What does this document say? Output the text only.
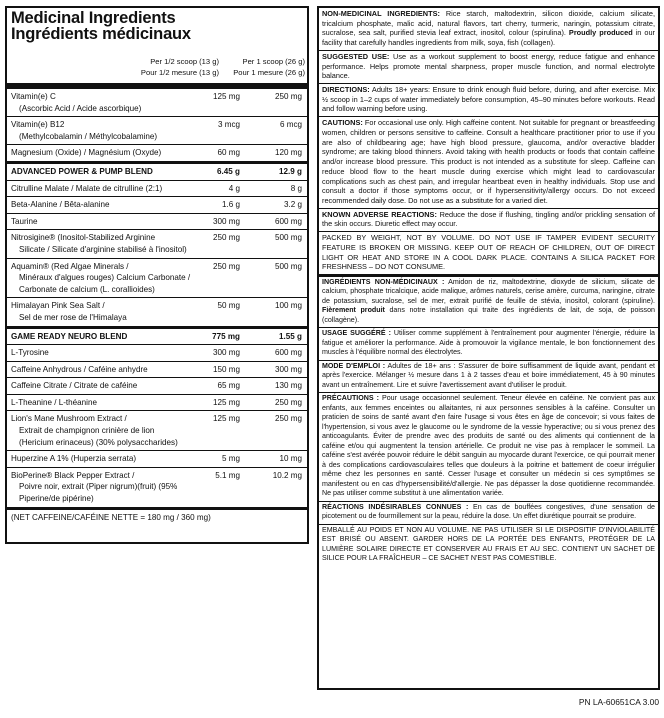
Medicinal Ingredients
Ingrédients médicinaux
Per 1/2 scoop (13 g)
Pour 1/2 mesure (13 g)
Per 1 scoop (26 g)
Pour 1 mesure (26 g)
Vitamin(e) C
(Ascorbic Acid / Acide ascorbique)
125 mg	250 mg
Vitamin(e) B12
(Methylcobalamin / Méthylcobalamine)
3 mcg	6 mcg
Magnesium (Oxide) / Magnésium (Oxyde)	60 mg	120 mg
ADVANCED POWER & PUMP BLEND	6.45 g	12.9 g
Citrulline Malate / Malate de citrulline (2:1)	4 g	8 g
Beta-Alanine / Bêta-alanine	1.6 g	3.2 g
Taurine	300 mg	600 mg
Nitrosigine® (Inositol-Stabilized Arginine
Silicate / Silicate d'arginine stabilisé à l'inositol)
250 mg	500 mg
Aquamin® (Red Algae Minerals /
Minéraux d'algues rouges) Calcium Carbonate /
Carbonate de calcium (L. corallioides)
250 mg	500 mg
Himalayan Pink Sea Salt /
Sel de mer rose de l'Himalaya
50 mg	100 mg
GAME READY NEURO BLEND	775 mg	1.55 g
L-Tyrosine	300 mg	600 mg
Caffeine Anhydrous / Caféine anhydre	150 mg	300 mg
Caffeine Citrate / Citrate de caféine	65 mg	130 mg
L-Theanine / L-théanine	125 mg	250 mg
Lion's Mane Mushroom Extract /
Extrait de champignon crinière de lion
(Hericium erinaceus) (30% polysaccharides)
125 mg	250 mg
Huperzine A 1% (Huperzia serrata)	5 mg	10 mg
BioPerine® Black Pepper Extract /
Poivre noir, extrait (Piper nigrum)(fruit) (95% Piperine/de pipérine)
5.1 mg	10.2 mg
(NET CAFFEINE/CAFÉINE NETTE = 180 mg / 360 mg)
NON-MEDICINAL INGREDIENTS: Rice starch, maltodextrin, silicon dioxide, calcium silicate, tricalcium phosphate, malic acid, natural flavors, tart cherry, turmeric, naringin, potassium citrate, sucralose, sea salt, purified stevia leaf extract, inositol, colour (spirulina). Proudly produced in our facility that carefully handles ingredients from milk, soya, fish (collagen).
SUGGESTED USE: Use as a workout supplement to boost energy, reduce fatigue and enhance performance. Helps promote mental sharpness, proper muscle function, and normal electrolyte balance.
DIRECTIONS: Adults 18+ years: Ensure to drink enough fluid before, during, and after exercise. Mix ½ scoop in 1–2 cups of water immediately before consumption, 45–90 minutes before workouts. Read and follow warning before using.
CAUTIONS: For occasional use only. High caffeine content. Not suitable for pregnant or breastfeeding women, children or persons sensitive to caffeine. Consult a healthcare practitioner prior to use if you are also of childbearing age; have high blood pressure, glaucoma, and/or overactive bladder syndrome; are taking blood thinners. Avoid taking with health products or foods that contain caffeine and/or increase blood pressure. This product is not intended as a substitute for sleep. Caffeine can reduce blood flow to the heart muscle during exercise which might lead to cardiovascular complications such as chest pain, and irregular heartbeat even in healthy individuals. Stop use and consult a doctor if those symptoms occur, or if hypersensitivity/allergy occurs. Do not exceed recommended daily dose. Do not use as a substitute for a varied diet.
KNOWN ADVERSE REACTIONS: Reduce the dose if flushing, tingling and/or prickling sensation of the skin occurs. Diuretic effect may occur.
PACKED BY WEIGHT, NOT BY VOLUME. DO NOT USE IF TAMPER EVIDENT SECURITY FEATURE IS BROKEN OR MISSING. KEEP OUT OF REACH OF CHILDREN, OUT OF DIRECT LIGHT OR HEAT AND STORE IN A COOL DARK PLACE. CONTAINS A SILICA PACKET FOR FRESHNESS – DO NOT CONSUME.
INGRÉDIENTS NON-MÉDICINAUX : Amidon de riz, maltodextrine, dioxyde de silicium, silicate de calcium, phosphate tricalcique, acide malique, arômes naturels, cerise amère, curcuma, naringine, citrate de potassium, sucralose, sel de mer, extrait purifié de feuille de stévia, inositol, colorant (spiruline). Fièrement produit dans notre installation qui traite des ingrédients de lait, de soja, de poisson (collagène).
USAGE SUGGÉRÉ : Utiliser comme supplément à l'entraînement pour augmenter l'énergie, réduire la fatigue et améliorer la performance. Aide à promouvoir la vigilance mentale, le bon fonctionnement des muscles à l'équilibre normal des électrolytes.
MODE D'EMPLOI : Adultes de 18+ ans : S'assurer de boire suffisamment de liquide avant, pendant et après l'exercice. Mélanger ½ mesure dans 1 à 2 tasses d'eau et boire immédiatement, 45 à 90 minutes avant un entraînement. Lire et suivre l'avertissement avant d'utiliser le produit.
PRÉCAUTIONS : Pour usage occasionnel seulement. Teneur élevée en caféine. Ne convient pas aux enfants, aux femmes enceintes ou allaitantes, ni aux personnes sensibles à la caféine. Consulter un praticien de soins de santé avant d'en faire l'usage si vous êtes en âge de concevoir; si vous faites de l'hypertension, si vous avez le glaucome ou le syndrome de la vessie hyperactive; ou si vous prenez des anticoagulants. Éviter de prendre avec des produits de santé ou des aliments qui contiennent de la caféine et/ou qui augmentent la tension artérielle. Ce produit ne vise pas à remplacer le sommeil. La caféine s'est avérée pouvoir réduire le débit sanguin au myocarde durant l'exercice, ce qui pourrait mener à des complications cardiovasculaires telles que douleurs à la poitrine et battement de coeur irrégulier même chez les personnes en santé. Cesser l'usage et consulter un médecin si ces symptômes se manifestent ou en cas d'hypersensibilité/d'allergie. Ne pas dépasser la dose quotidienne recommandée. Ne pas utiliser comme substitut à une alimentation variée.
RÉACTIONS INDÉSIRABLES CONNUES : En cas de bouffées congestives, d'une sensation de picotement ou de fourmillement sur la peau, réduire la dose. Un effet diurétique pourrait se produire.
EMBALLÉ AU POIDS ET NON AU VOLUME. NE PAS UTILISER SI LE DISPOSITIF D'INVIOLABILITÉ EST BRISÉ OU ABSENT. GARDER HORS DE LA PORTÉE DES ENFANTS, PROTÉGER DE LA LUMIÈRE SOLAIRE DIRECTE ET CONSERVER AU FRAIS ET AU SEC. CONTIENT UN SACHET DE SILICE POUR LA FRAÎCHEUR – CE SACHET N'EST PAS COMESTIBLE.
PN LA-60651CA 3.00
